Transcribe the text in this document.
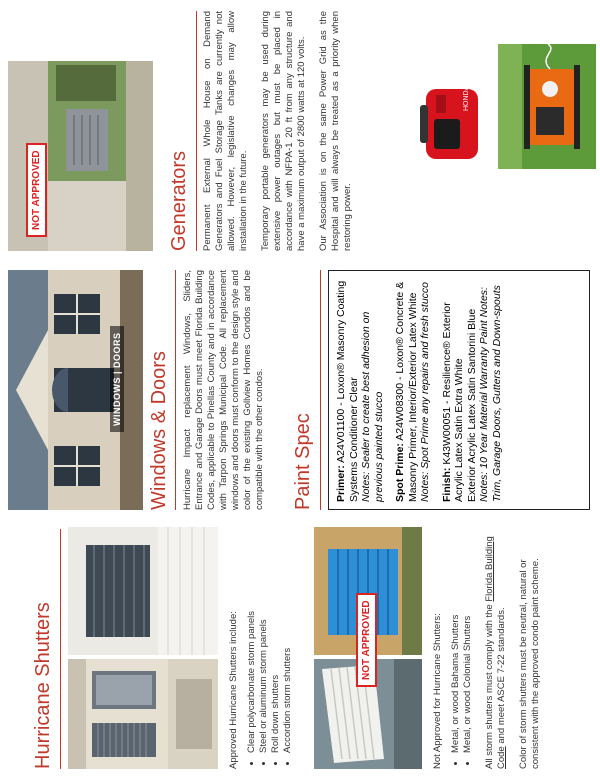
Hurricane Shutters	Approved Hurricane Shutters include: • Clear polycarbonate storm panels • Steel or aluminum storm panels • Roll down shutters • Accordion storm shutters
NOT APPROVED	Not Approved for Hurricane Shutters: • Metal, or wood Bahama Shutters • Metal, or wood Colonial Shutters All storm shutters must comply with the Florida Building Code and meet ASCE 7-22 standards. Color of storm shutters must be neutral, natural or consistent with the approved condo paint scheme.
WINDOWS | DOORS Windows & Doors Hurricane Impact replacement Windows, Sliders, Entrance and Garage Doors must meet Florida Building Codes, applicable to Pinellas County and in accordance with Tarpon Springs Municipal Code. All replacement windows and doors must conform to the design style and color of the existing Gollview Homes Condos and be compatible with the other condos. Paint Spec Primer: A24V01100 - Loxon® Masonry Coating Systems Conditioner Clear
Notes: Sealer to create best adhesion on previous painted stucco Spot Prime: A24W08300 - Loxon® Concrete & Masonry Primer, Interior/Exterior Latex White
Notes: Spot Prime any repairs and fresh stucco Finish: K43W00051 - Resilience® Exterior Acrylic Latex Satin Extra White
Exterior Acrylic Latex Satin Santorini Blue
Notes: 10 Year Material Warranty Paint Notes: Trim, Garage Doors, Gutters and Down-spouts

NOT APPROVED	Generators Permanent External Whole House on Demand Generators and Fuel Storage Tanks are currently not allowed. However, legislative changes may allow installation in the future. Temporary portable generators may be used during extensive power outages but must be placed in accordance with NFPA-1 20 ft from any structure and have a maximum output of 2800 watts at 120 volts. Our Association is on the same Power Grid as the Hospital and will always be treated as a priority when restoring power.
HONDA
